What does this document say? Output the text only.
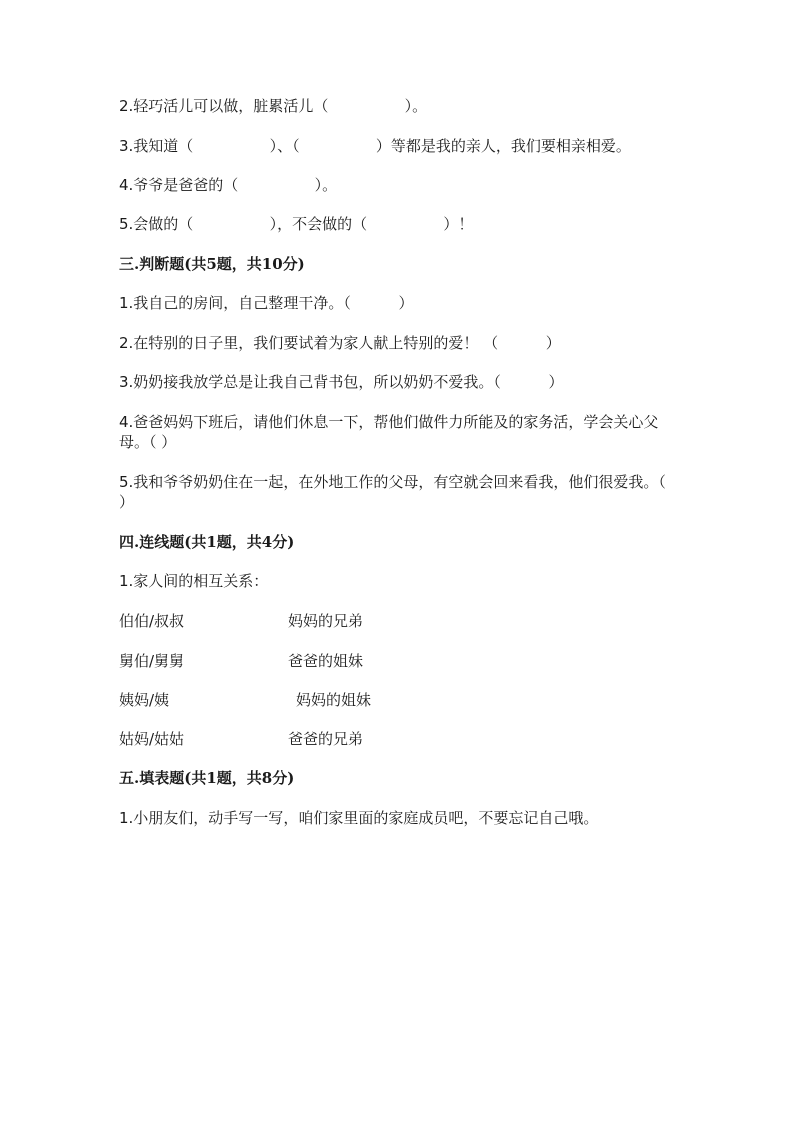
2.轻巧活儿可以做，脏累活儿（                ）。
3.我知道（                ）、（                ）等都是我的亲人，我们要相亲相爱。
4.爷爷是爸爸的（                ）。
5.会做的（                ），不会做的（                ）！
三.判断题(共5题，共10分)
1.我自己的房间，自己整理干净。（          ）
2.在特别的日子里，我们要试着为家人献上特别的爱！ （          ）
3.奶奶接我放学总是让我自己背书包，所以奶奶不爱我。（          ）
4.爸爸妈妈下班后，请他们休息一下，帮他们做件力所能及的家务活，学会关心父母。（ ）
5.我和爷爷奶奶住在一起，在外地工作的父母，有空就会回来看我，他们很爱我。（ ）
四.连线题(共1题，共4分)
1.家人间的相互关系：
伯伯/叔叔	妈妈的兄弟
舅伯/舅舅	爸爸的姐妹
姨妈/姨	妈妈的姐妹
姑妈/姑姑	爸爸的兄弟
五.填表题(共1题，共8分)
1.小朋友们，动手写一写，咱们家里面的家庭成员吧，不要忘记自己哦。
